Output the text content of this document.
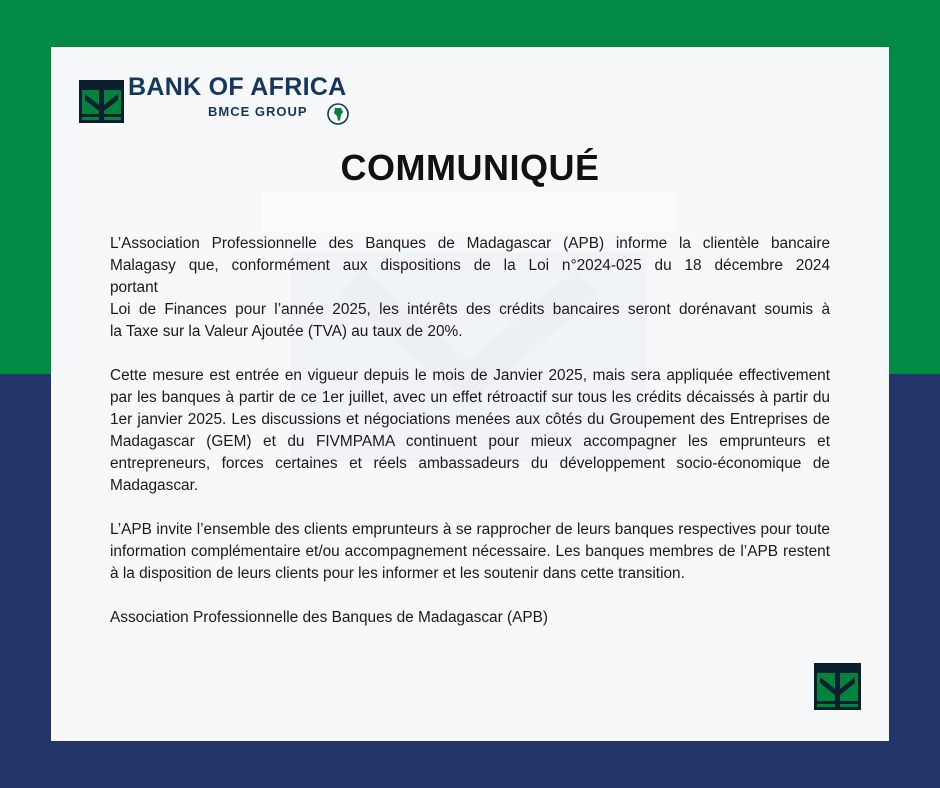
BANK OF AFRICA
BMCE GROUP
COMMUNIQUÉ
L’Association Professionnelle des Banques de Madagascar (APB) informe la clientèle bancaire
Malagasy que, conformément aux dispositions de la Loi n°2024-025 du 18 décembre 2024
portant
Loi de Finances pour l’année 2025, les intérêts des crédits bancaires seront dorénavant soumis à
la Taxe sur la Valeur Ajoutée (TVA) au taux de 20%.

Cette mesure est entrée en vigueur depuis le mois de Janvier 2025, mais sera appliquée effectivement par les banques à partir de ce 1er juillet, avec un effet rétroactif sur tous les crédits décaissés à partir du 1er janvier 2025. Les discussions et négociations menées aux côtés du Groupement des Entreprises de Madagascar (GEM) et du FIVMPAMA continuent pour mieux accompagner les emprunteurs et entrepreneurs, forces certaines et réels ambassadeurs du développement socio-économique de Madagascar.

L’APB invite l’ensemble des clients emprunteurs à se rapprocher de leurs banques respectives pour toute information complémentaire et/ou accompagnement nécessaire. Les banques membres de l’APB restent à la disposition de leurs clients pour les informer et les soutenir dans cette transition.

Association Professionnelle des Banques de Madagascar (APB)
